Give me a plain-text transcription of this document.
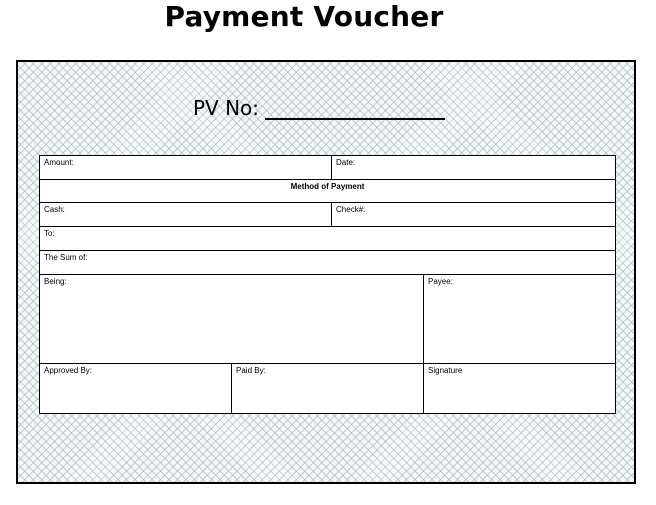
Payment Voucher
PV No:
Amount:		Date:	
Method of Payment			
Cash:		Check#:	
To:			
The Sum of:			
Being:			Payee:
Approved By:	Paid By:		Signature
